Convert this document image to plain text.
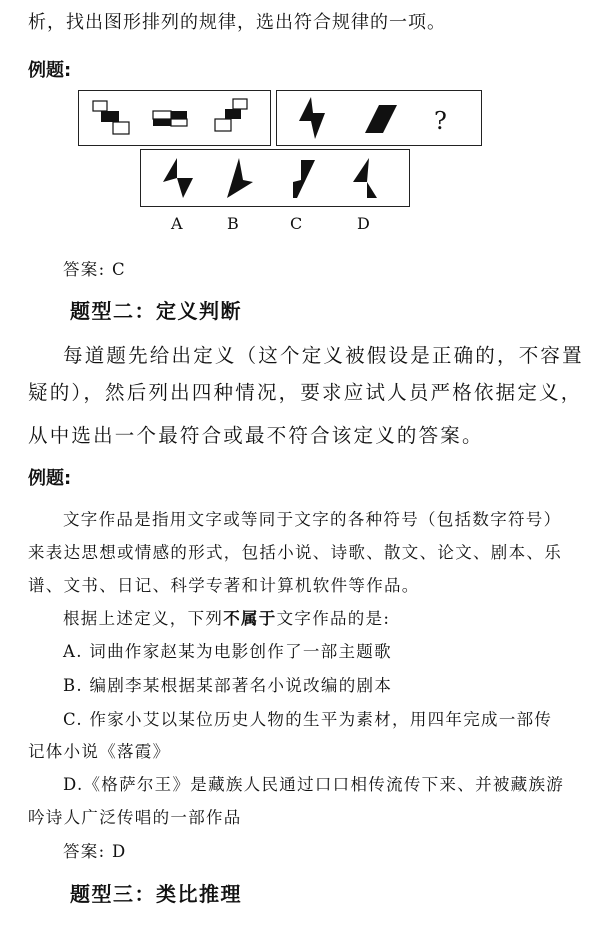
析，找出图形排列的规律，选出符合规律的一项。
例题:
?
A	B	C	D
答案: C
题型二：定义判断
每道题先给出定义（这个定义被假设是正确的，不容置
疑的），然后列出四种情况，要求应试人员严格依据定义，
从中选出一个最符合或最不符合该定义的答案。
例题:
文字作品是指用文字或等同于文字的各种符号（包括数字符号）
来表达思想或情感的形式，包括小说、诗歌、散文、论文、剧本、乐
谱、文书、日记、科学专著和计算机软件等作品。
根据上述定义，下列不属于文字作品的是:
A. 词曲作家赵某为电影创作了一部主题歌
B. 编剧李某根据某部著名小说改编的剧本
C. 作家小艾以某位历史人物的生平为素材，用四年完成一部传
记体小说《落霞》
D.《格萨尔王》是藏族人民通过口口相传流传下来、并被藏族游
吟诗人广泛传唱的一部作品
答案: D
题型三：类比推理
